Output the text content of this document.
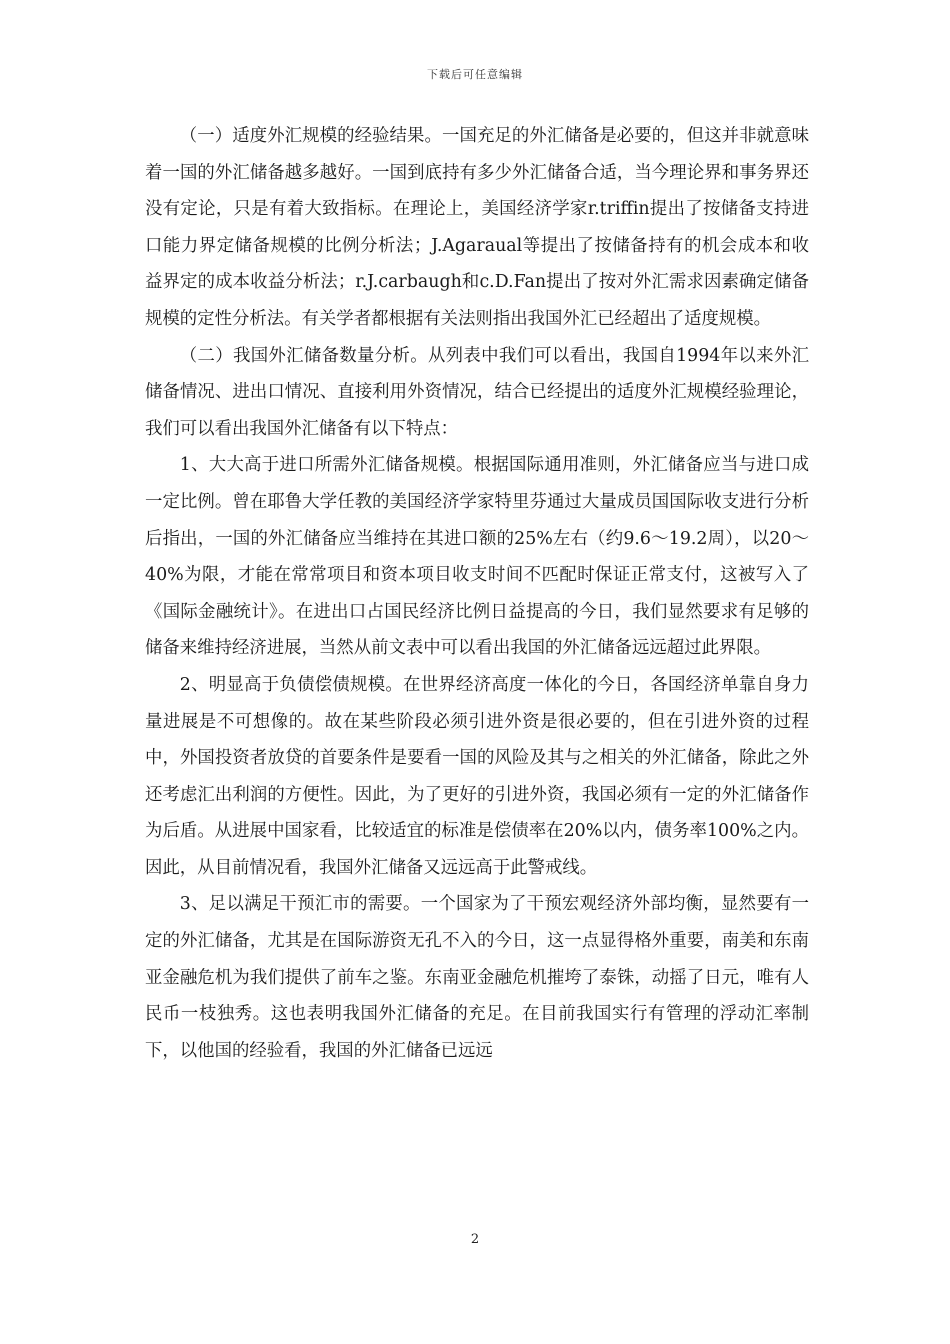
下载后可任意编辑

（一）适度外汇规模的经验结果。一国充足的外汇储备是必要的，但这并非就意味着一国的外汇储备越多越好。一国到底持有多少外汇储备合适，当今理论界和事务界还没有定论，只是有着大致指标。在理论上，美国经济学家r.triffin提出了按储备支持进口能力界定储备规模的比例分析法；J.Agaraual等提出了按储备持有的机会成本和收益界定的成本收益分析法；r.J.carbaugh和c.D.Fan提出了按对外汇需求因素确定储备规模的定性分析法。有关学者都根据有关法则指出我国外汇已经超出了适度规模。

（二）我国外汇储备数量分析。从列表中我们可以看出，我国自1994年以来外汇储备情况、进出口情况、直接利用外资情况，结合已经提出的适度外汇规模经验理论，我们可以看出我国外汇储备有以下特点：

1、大大高于进口所需外汇储备规模。根据国际通用准则，外汇储备应当与进口成一定比例。曾在耶鲁大学任教的美国经济学家特里芬通过大量成员国国际收支进行分析后指出，一国的外汇储备应当维持在其进口额的25%左右（约9.6～19.2周），以20～40%为限，才能在常常项目和资本项目收支时间不匹配时保证正常支付，这被写入了《国际金融统计》。在进出口占国民经济比例日益提高的今日，我们显然要求有足够的储备来维持经济进展，当然从前文表中可以看出我国的外汇储备远远超过此界限。

2、明显高于负债偿债规模。在世界经济高度一体化的今日，各国经济单靠自身力量进展是不可想像的。故在某些阶段必须引进外资是很必要的，但在引进外资的过程中，外国投资者放贷的首要条件是要看一国的风险及其与之相关的外汇储备，除此之外还考虑汇出利润的方便性。因此，为了更好的引进外资，我国必须有一定的外汇储备作为后盾。从进展中国家看，比较适宜的标准是偿债率在20%以内，债务率100%之内。因此，从目前情况看，我国外汇储备又远远高于此警戒线。

3、足以满足干预汇市的需要。一个国家为了干预宏观经济外部均衡，显然要有一定的外汇储备，尤其是在国际游资无孔不入的今日，这一点显得格外重要，南美和东南亚金融危机为我们提供了前车之鉴。东南亚金融危机摧垮了泰铢，动摇了日元，唯有人民币一枝独秀。这也表明我国外汇储备的充足。在目前我国实行有管理的浮动汇率制下，以他国的经验看，我国的外汇储备已远远

2
